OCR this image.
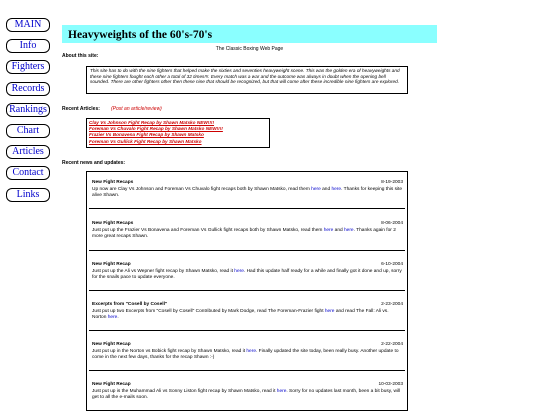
MAIN
Info
Fighters
Records
Rankings
Chart
Articles
Contact
Links
Heavyweights of the 60's-70's
The Classic Boxing Web Page
About this site:
This site has to do with the nine fighters that helped make the sixties and seventies heavyweight scene. This was the golden era of heavyweights and these nine fighters fought each other a total of 32 times!!!. Every match was a war and the outcome was always in doubt when the opening bell sounded. There are other fighters other then these nine that should be recognized, but that will come after these incredible nine fighters are explored.
Recent Articles: (Post an article/review)
Clay Vs Johnson Fight Recap by Shawn Matsko NEW!!!!
Foreman Vs Chuvalo Fight Recap by Shawn Matsko NEW!!!!
Frazier Vs Bonavena Fight Recap by Shawn Matsko
Foreman Vs Gullick Fight Recap by Shawn Matsko
Recent news and updates:
New Fight Recaps	8-19-2003
Up now are Clay Vs Johnson and Foreman Vs Chuvalo fight recaps both by Shawn Matsko, read them here and here. Thanks for keeping this site alive Shawn.
New Fight Recaps	8-06-2004
Just put up the Frazier Vs Bonavena and Foreman Vs Gullick fight recaps both by Shawn Matsko, read them here and here. Thanks again for 2 more great recaps Shawn.
New Fight Recap	6-10-2004
Just put up the Ali vs Wepner fight recap by Shawn Matsko, read it here. Had this update half ready for a while and finally got it done and up, sorry for the snails pace to update everyone.
Excerpts from "Cosell by Cosell"	2-23-2004
Just put up two Excerpts from "Cosell by Cosell" Contributed by Mark Dodge, read The Foreman-Frazier fight here and read The Fall: Ali vs. Norton here.
New Fight Recap	2-22-2004
Just put up in the Norton vs Bobick fight recap by Shawn Matsko, read it here. Finally updated the site today, been really busy. Another update to come in the next few days, thanks for the recap Shawn :-)
New Fight Recap	10-03-2003
Just put up is the Muhammad Ali vs Sonny Liston fight recap by Shawn Matsko, read it here. Sorry for no updates last month, been a bit busy, will get to all the e-mails soon.
